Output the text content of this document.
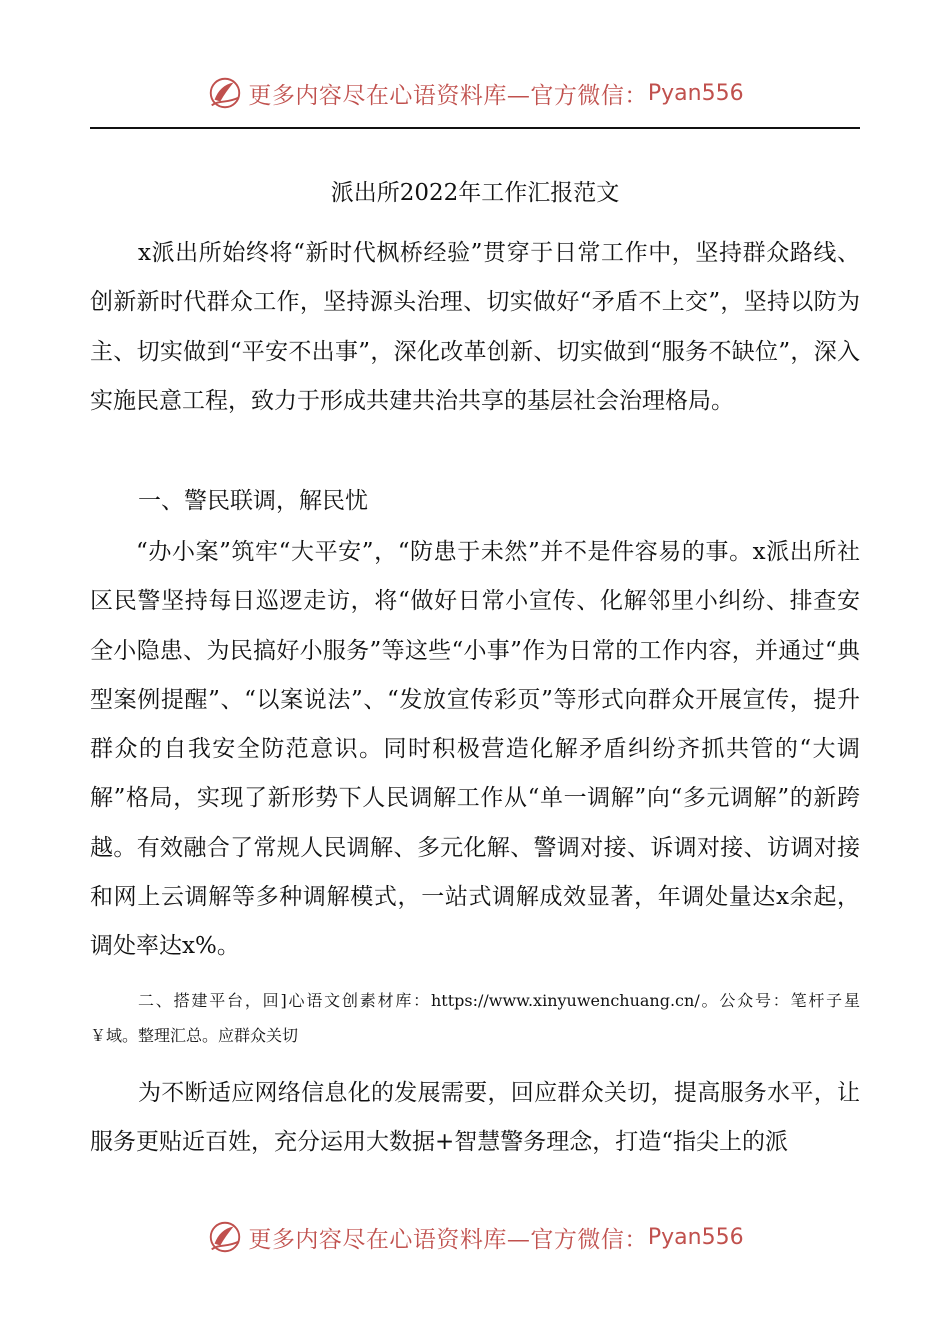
更多内容尽在心语资料库—官方微信： Pyan556
派出所2022年工作汇报范文

x派出所始终将“新时代枫桥经验”贯穿于日常工作中，坚持群众路线、创新新时代群众工作，坚持源头治理、切实做好“矛盾不上交”，坚持以防为主、切实做到“平安不出事”，深化改革创新、切实做到“服务不缺位”，深入实施民意工程，致力于形成共建共治共享的基层社会治理格局。

一、警民联调，解民忧

“办小案”筑牢“大平安”，“防患于未然”并不是件容易的事。x派出所社区民警坚持每日巡逻走访，将“做好日常小宣传、化解邻里小纠纷、排查安全小隐患、为民搞好小服务”等这些“小事”作为日常的工作内容，并通过“典型案例提醒”、“以案说法”、“发放宣传彩页”等形式向群众开展宣传，提升群众的自我安全防范意识。同时积极营造化解矛盾纠纷齐抓共管的“大调解”格局，实现了新形势下人民调解工作从“单一调解”向“多元调解”的新跨越。有效融合了常规人民调解、多元化解、警调对接、诉调对接、访调对接和网上云调解等多种调解模式，一站式调解成效显著，年调处量达x余起，调处率达x%。

二、搭建平台，回]心语文创素材库：https://www.xinyuwenchuang.cn/。公众号：笔杆子星￥域。整理汇总。应群众关切

为不断适应网络信息化的发展需要，回应群众关切，提高服务水平，让服务更贴近百姓，充分运用大数据+智慧警务理念，打造“指尖上的派

更多内容尽在心语资料库—官方微信： Pyan556
